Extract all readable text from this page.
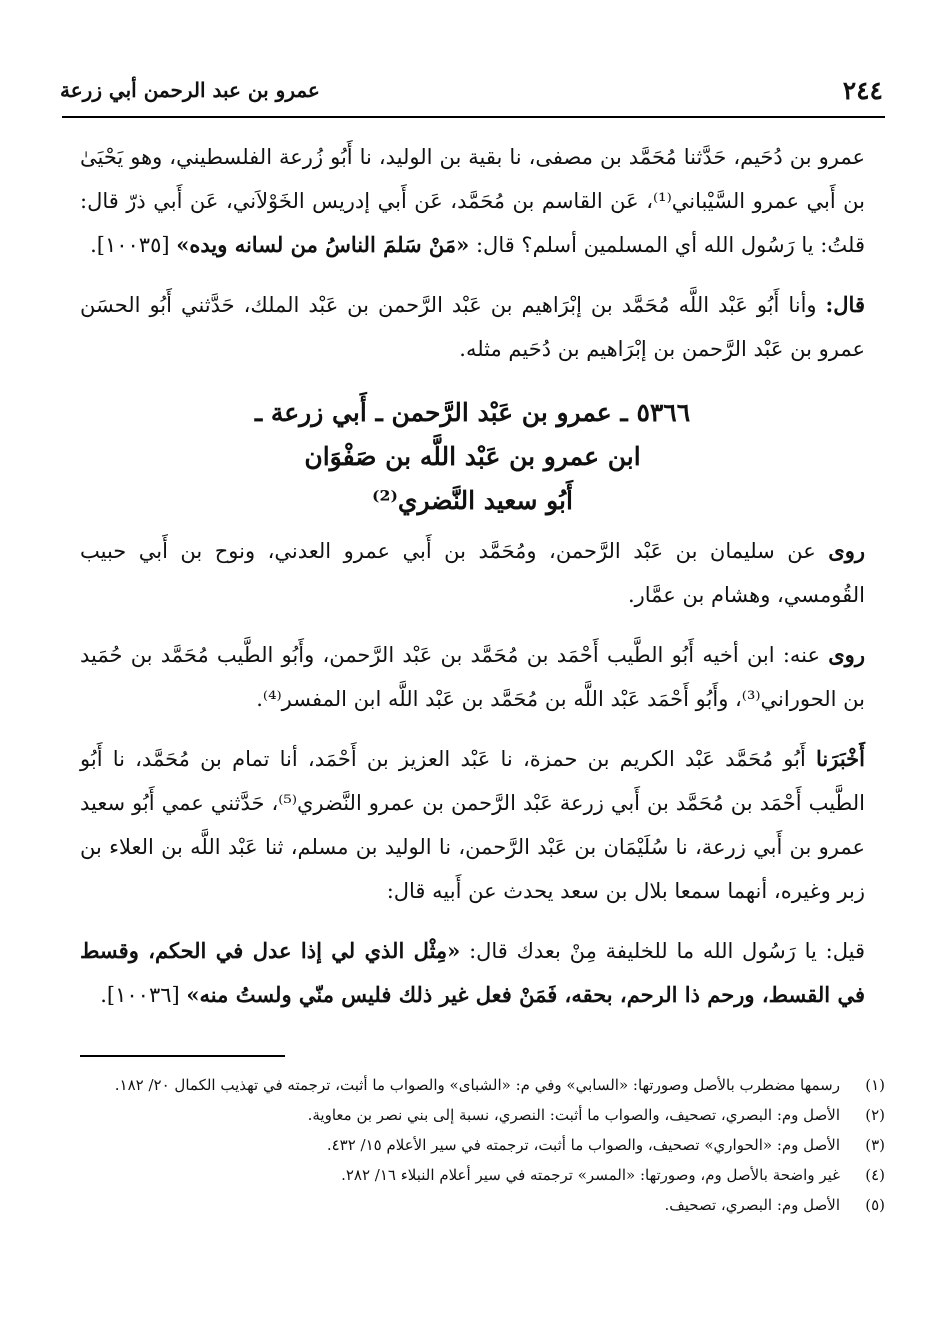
٢٤٤
عمرو بن عبد الرحمن أبي زرعة

عمرو بن دُحَيم، حَدَّثنا مُحَمَّد بن مصفى، نا بقية بن الوليد، نا أَبُو زُرعة الفلسطيني، وهو يَحْيَىٰ بن أَبي عمرو السَّيْباني⁽¹⁾، عَن القاسم بن مُحَمَّد، عَن أَبي إدريس الخَوْلاَني، عَن أَبي ذرّ قال: قلتُ: يا رَسُول الله أي المسلمين أسلم؟ قال: «مَنْ سَلمَ الناسُ من لسانه ويده» [١٠٠٣٥].

قال: وأنا أَبُو عَبْد اللَّه مُحَمَّد بن إبْرَاهيم بن عَبْد الرَّحمن بن عَبْد الملك، حَدَّثني أَبُو الحسَن عمرو بن عَبْد الرَّحمن بن إبْرَاهيم بن دُحَيم مثله.

٥٣٦٦ ـ عمرو بن عَبْد الرَّحمن ـ أَبي زرعة ـ
ابن عمرو بن عَبْد اللَّه بن صَفْوَان
أَبُو سعيد النَّضري⁽²⁾

روى عن سليمان بن عَبْد الرَّحمن، ومُحَمَّد بن أَبي عمرو العدني، ونوح بن أَبي حبيب القُومسي، وهشام بن عمَّار.

روى عنه: ابن أخيه أَبُو الطَّيب أَحْمَد بن مُحَمَّد بن عَبْد الرَّحمن، وأَبُو الطَّيب مُحَمَّد بن حُمَيد بن الحوراني⁽³⁾، وأَبُو أَحْمَد عَبْد اللَّه بن مُحَمَّد بن عَبْد اللَّه ابن المفسر⁽⁴⁾.

أَخْبَرَنا أَبُو مُحَمَّد عَبْد الكريم بن حمزة، نا عَبْد العزيز بن أَحْمَد، أنا تمام بن مُحَمَّد، نا أَبُو الطَّيب أَحْمَد بن مُحَمَّد بن أَبي زرعة عَبْد الرَّحمن بن عمرو النَّضري⁽⁵⁾، حَدَّثني عمي أَبُو سعيد عمرو بن أَبي زرعة، نا سُلَيْمَان بن عَبْد الرَّحمن، نا الوليد بن مسلم، ثنا عَبْد اللَّه بن العلاء بن زبر وغيره، أنهما سمعا بلال بن سعد يحدث عن أَبيه قال:

قيل: يا رَسُول الله ما للخليفة مِنْ بعدك قال: «مِثْل الذي لي إذا عدل في الحكم، وقسط في القسط، ورحم ذا الرحم، بحقه، فَمَنْ فعل غير ذلك فليس منّي ولستُ منه» [١٠٠٣٦].

(١)
رسمها مضطرب بالأصل وصورتها: «السابي» وفي م: «الشباى» والصواب ما أثبت، ترجمته في تهذيب الكمال ٢٠/ ١٨٢.
(٢)
الأصل وم: البصري، تصحيف، والصواب ما أثبت: النصري، نسبة إلى بني نصر بن معاوية.
(٣)
الأصل وم: «الحواري» تصحيف، والصواب ما أثبت، ترجمته في سير الأعلام ١٥/ ٤٣٢.
(٤)
غير واضحة بالأصل وم، وصورتها: «المسر» ترجمته في سير أعلام النبلاء ١٦/ ٢٨٢.
(٥)
الأصل وم: البصري، تصحيف.
